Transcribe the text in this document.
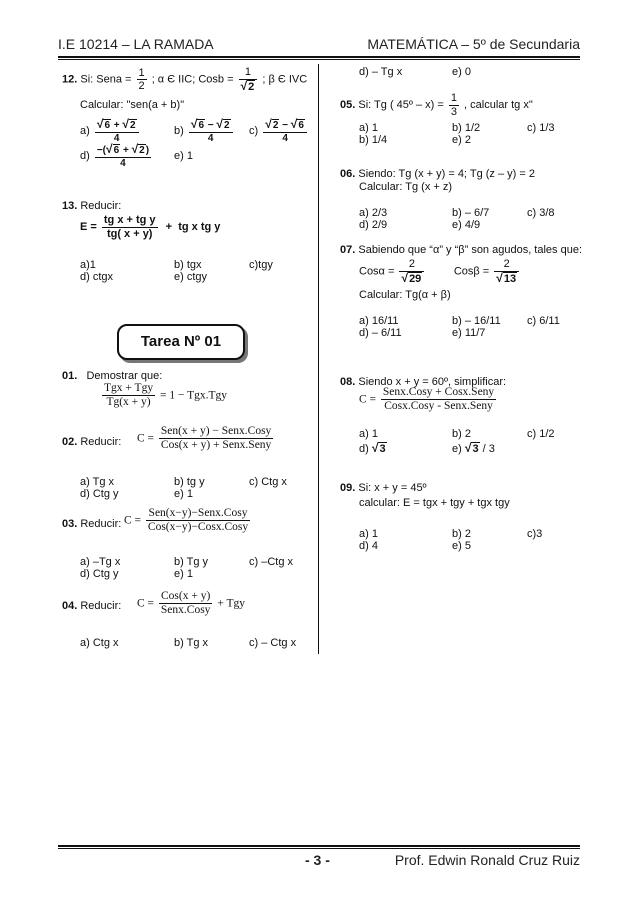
I.E 10214 – LA RAMADA	MATEMÁTICA – 5º de Secundaria
12. Si: Sena = $\frac{1}{2}$ ; α Є IIC; Cosb = $\frac{1}{√2}$ ; β Є IVC
Calcular: "sen(a + b)"
$a) \frac{√6 + √2}{4}$	$b) \frac{√6 - √2}{4} c) \frac{√2 - √6}{4}$
$d) \frac{-(√6 + √2)}{4} e$) 1
13. Reducir:
$E = \frac{\text{tg x + tg y}}{tg( x + y)}$ + tg x tg y
a)1	b) tgx	c)tgy
d) ctgx	e) ctgy
Tarea Nº 01
01. Demostrar que:
Tgx + Tgy
Tg(x + y)
= 1 − Tgx.Tgy
02. Reducir: C =
Sen(x + y) − Senx.Cosy
Cos(x + y) + Senx.Seny
a) Tg x	b) tg y	c) Ctg x
d) Ctg y	e) 1
03. Reducir: C =
Sen(x−y)−Senx.Cosy
Cos(x−y)−Cosx.Cosy
a) –Tg x	b) Tg y	c) –Ctg x
d) Ctg y	e) 1
04. Reducir: C =
Cos(x + y)
Senx.Cosy
+ Tgy
a) Ctg x	b) Tg x	c) – Ctg x
d) – Tg x	e) 0
05. Si: Tg ( 45º – $x) = \frac{1}{3}$ , calcular tg x"
a) 1	b) 1/2	c) 1/3
b) 1/4	e) 2
06. Siendo: Tg (x + y) = 4; Tg (z – y) = 2
Calcular: Tg (x + z)
a) 2/3	b) – 6/7	c) 3/8
d) 2/9	e) 4/9
07. Sabiendo que “α” y “β” son agudos, tales que:
$Cos\alpha = \frac{2}{√29}$	$Cos\beta = \frac{2}{√13}$
Calcular: Tg(α + β)
a) 16/11	b) – 16/11 c) 6/11
d) – 6/11	e) 11/7
08. Siendo x + y = 60º, simplificar:
C =
Senx.Cosy + Cosx.Seny
Cosx.Cosy - Senx.Seny
a) 1	b) 2	c) 1/2
d) √3	e) √3 / 3
09. Si: x + y = 45º
calcular: E = tgx + tgy + tgx tgy
a) 1	b) 2	c)3
d) 4	e) 5
- 3 -	Prof. Edwin Ronald Cruz Ruiz
